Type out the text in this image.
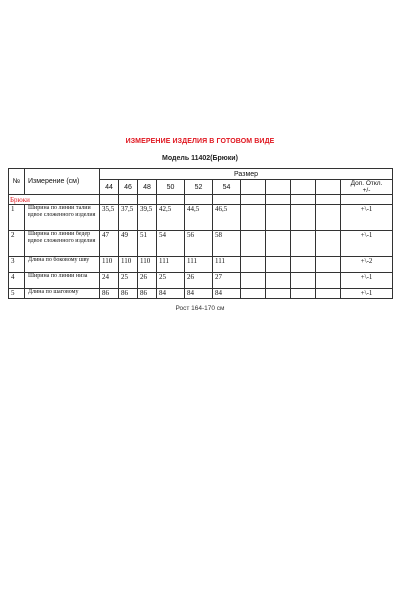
ИЗМЕРЕНИЕ ИЗДЕЛИЯ В ГОТОВОМ ВИДЕ
Модель 11402(Брюки)
№	Измерение (см)	Размер										
		44	46	48	50	52	54					Доп. Откл.
+/-

Брюки												
1	Ширина по линии талии вдвое сложенного изделия	35,5	37,5	39,5	42,5	44,5	46,5					+\-1
2	Ширина по линии бедер вдвое сложенного изделия	47	49	51	54	56	58					+\-1
3	Длина по боковому шву	110	110	110	111	111	111					+\-2
4	Ширина по линии низа	24	25	26	25	26	27					+\-1
5	Длина по шаговому	86	86	86	84	84	84					+\-1
Рост 164-170 см
